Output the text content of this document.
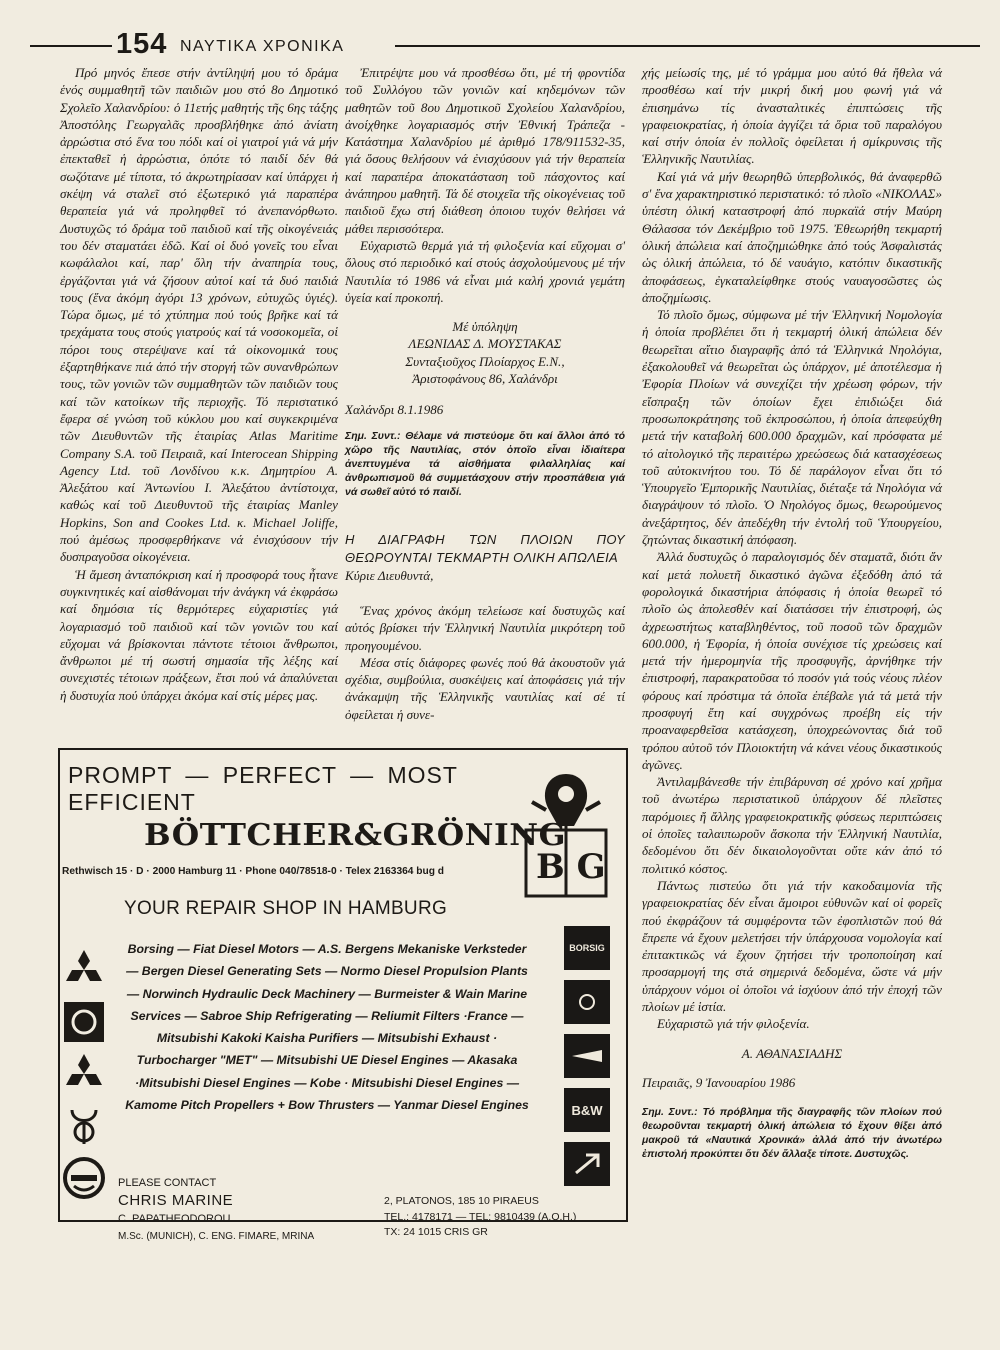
154 ΝΑΥΤΙΚΑ ΧΡΟΝΙΚΑ

Πρό μηνός ἔπεσε στήν ἀντίληψή μου τό δράμα ἑνός συμμαθητῆ τῶν παιδιῶν μου στό 8ο Δημοτικό Σχολεῖο Χαλανδρίου: ὁ 11ετής μαθητής τῆς 6ης τάξης Ἀποστόλης Γεωργαλᾶς προσβλήθηκε ἀπό ἀνίατη ἀρρώστια στό ἕνα του πόδι καί οἱ γιατροί γιά νά μήν ἐπεκταθεῖ ἡ ἀρρώστια, ὁπότε τό παιδί δέν θά σωζότανε μέ τίποτα, τό ἀκρωτηρίασαν καί ὑπάρχει ἡ σκέψη νά σταλεῖ στό ἐξωτερικό γιά παραπέρα θεραπεία γιά νά προληφθεῖ τό ἀνεπανόρθωτο. Δυστυχῶς τό δράμα τοῦ παιδιοῦ καί τῆς οἰκογένειάς του δέν σταματάει ἐδῶ. Καί οἱ δυό γονεῖς του εἶναι κωφάλαλοι καί, παρ' ὅλη τήν ἀναπηρία τους, ἐργάζονται γιά νά ζήσουν αὐτοί καί τά δυό παιδιά τους (ἕνα ἀκόμη ἀγόρι 13 χρόνων, εὐτυχῶς ὑγιές). Τώρα ὅμως, μέ τό χτύπημα πού τούς βρῆκε καί τά τρεχάματα τους στούς γιατρούς καί τά νοσοκομεῖα, οἱ πόροι τους στερέψανε καί τά οἰκονομικά τους ἐξαρτηθήκανε πιά ἀπό τήν στοργή τῶν συνανθρώπων τους, τῶν γονιῶν τῶν συμμαθητῶν τῶν παιδιῶν τους καί τῶν κατοίκων τῆς περιοχῆς. Τό περιστατικό ἔφερα σέ γνώση τοῦ κύκλου μου καί συγκεκριμένα τῶν Διευθυντῶν τῆς ἑταιρίας Atlas Maritime Company S.A. τοῦ Πειραιᾶ, καί Interocean Shipping Agency Ltd. τοῦ Λονδίνου κ.κ. Δημητρίου Α. Ἀλεξάτου καί Ἀντωνίου Ι. Ἀλεξάτου ἀντίστοιχα, καθώς καί τοῦ Διευθυντοῦ τῆς ἑταιρίας Manley Hopkins, Son and Cookes Ltd. κ. Michael Joliffe, πού ἀμέσως προσφερθήκανε νά ἐνισχύσουν τήν δυσπραγοῦσα οἰκογένεια.

Ἡ ἄμεση ἀνταπόκριση καί ἡ προσφορά τους ἦτανε συγκινητικές καί αἰσθάνομαι τήν ἀνάγκη νά ἐκφράσω καί δημόσια τίς θερμότερες εὐχαριστίες γιά λογαριασμό τοῦ παιδιοῦ καί τῶν γονιῶν του καί εὔχομαι νά βρίσκονται πάντοτε τέτοιοι ἄνθρωποι, ἄνθρωποι μέ τή σωστή σημασία τῆς λέξης καί συνεχιστές τέτοιων πράξεων, ἔτσι πού νά ἀπαλύνεται ἡ δυστυχία πού ὑπάρχει ἀκόμα καί στίς μέρες μας.

Ἐπιτρέψτε μου νά προσθέσω ὅτι, μέ τή φροντίδα τοῦ Συλλόγου τῶν γονιῶν καί κηδεμόνων τῶν μαθητῶν τοῦ 8ου Δημοτικοῦ Σχολείου Χαλανδρίου, ἀνοίχθηκε λογαριασμός στήν Ἐθνική Τράπεζα - Κατάστημα Χαλανδρίου μέ ἀριθμό 178/911532-35, γιά ὅσους θελήσουν νά ἐνισχύσουν γιά τήν θεραπεία καί παραπέρα ἀποκατάσταση τοῦ πάσχοντος καί ἀνάπηρου μαθητῆ. Τά δέ στοιχεῖα τῆς οἰκογένειας τοῦ παιδιοῦ ἔχω στή διάθεση ὁποιου τυχόν θελήσει νά μάθει περισσότερα.

Εὐχαριστῶ θερμά γιά τή φιλοξενία καί εὔχομαι σ' ὅλους στό περιοδικό καί στούς ἀσχολούμενους μέ τήν Ναυτιλία τό 1986 νά εἶναι μιά καλή χρονιά γεμάτη ὑγεία καί προκοπή.

Μέ ὑπόληψη

ΛΕΩΝΙΔΑΣ Δ. ΜΟΥΣΤΑΚΑΣ

Συνταξιοῦχος Πλοίαρχος Ε.Ν.,

Ἀριστοφάνους 86, Χαλάνδρι

Χαλάνδρι 8.1.1986

Σημ. Συντ.: Θέλαμε νά πιστεύομε ὅτι καί ἄλλοι ἀπό τό χῶρο τῆς Ναυτιλίας, στόν ὁποῖο εἶναι ἰδιαίτερα ἀνεπτυγμένα τά αἰσθήματα φιλαλληλίας καί ἀνθρωπισμοῦ θά συμμετάσχουν στήν προσπάθεια γιά νά σωθεῖ αὐτό τό παιδί.

Η ΔΙΑΓΡΑΦΗ ΤΩΝ ΠΛΟΙΩΝ ΠΟΥ ΘΕΩΡΟΥΝΤΑΙ ΤΕΚΜΑΡΤΗ ΟΛΙΚΗ ΑΠΩΛΕΙΑ

Κύριε Διευθυντά,

Ἕνας χρόνος ἀκόμη τελείωσε καί δυστυχῶς καί αὐτός βρίσκει τήν Ἑλληνική Ναυτιλία μικρότερη τοῦ προηγουμένου.

Μέσα στίς διάφορες φωνές πού θά ἀκουστοῦν γιά σχέδια, συμβούλια, συσκέψεις καί ἀποφάσεις γιά τήν ἀνάκαμψη τῆς Ἑλληνικῆς ναυτιλίας καί σέ τί ὀφείλεται ἡ συνε-

χής μείωσίς της, μέ τό γράμμα μου αὐτό θά ἤθελα νά προσθέσω καί τήν μικρή δική μου φωνή γιά νά ἐπισημάνω τίς ἀνασταλτικές ἐπιπτώσεις τῆς γραφειοκρατίας, ἡ ὁποία ἀγγίζει τά ὅρια τοῦ παραλόγου καί στήν ὁποία ἐν πολλοῖς ὀφείλεται ἡ σμίκρυνσις τῆς Ἑλληνικῆς Ναυτιλίας.

Καί γιά νά μήν θεωρηθῶ ὑπερβολικός, θά ἀναφερθῶ σ' ἕνα χαρακτηριστικό περιστατικό: τό πλοῖο «ΝΙΚΟΛΑΣ» ὑπέστη ὁλική καταστροφή ἀπό πυρκαϊά στήν Μαύρη Θάλασσα τόν Δεκέμβριο τοῦ 1975. Ἐθεωρήθη τεκμαρτή ὁλική ἀπώλεια καί ἀποζημιώθηκε ἀπό τούς Ἀσφαλιστάς ὡς ὁλική ἀπώλεια, τό δέ ναυάγιο, κατόπιν δικαστικῆς ἀποφάσεως, ἐγκαταλείφθηκε στούς ναυαγοσῶστες ὡς ἀποζημίωσις.

Τό πλοῖο ὅμως, σύμφωνα μέ τήν Ἑλληνική Νομολογία ἡ ὁποία προβλέπει ὅτι ἡ τεκμαρτή ὁλική ἀπώλεια δέν θεωρεῖται αἴτιο διαγραφῆς ἀπό τά Ἑλληνικά Νηολόγια, ἐξακολουθεῖ νά θεωρεῖται ὡς ὑπάρχον, μέ ἀποτέλεσμα ἡ Ἐφορία Πλοίων νά συνεχίζει τήν χρέωση φόρων, τήν εἴσπραξη τῶν ὁποίων ἔχει ἐπιδιώξει διά προσωποκράτησης τοῦ ἐκπροσώπου, ἡ ὁποία ἀπεφεύχθη μετά τήν καταβολή 600.000 δραχμῶν, καί πρόσφατα μέ τό αἰτολογικό τῆς περαιτέρω χρεώσεως διά κατασχέσεως τοῦ αὐτοκινήτου του. Τό δέ παράλογον εἶναι ὅτι τό Ὑπουργεῖο Ἐμπορικῆς Ναυτιλίας, διέταξε τά Νηολόγια νά διαγράψουν τό πλοῖο. Ὁ Νηολόγος ὅμως, θεωρούμενος ἀνεξάρτητος, δέν ἀπεδέχθη τήν ἐντολή τοῦ Ὑπουργείου, ζητώντας δικαστική ἀπόφαση.

Ἀλλά δυστυχῶς ὁ παραλογισμός δέν σταματᾶ, διότι ἄν καί μετά πολυετῆ δικαστικό ἀγῶνα ἐξεδόθη ἀπό τά φορολογικά δικαστήρια ἀπόφασις ἡ ὁποία θεωρεῖ τό πλοῖο ὡς ἀπολεσθέν καί διατάσσει τήν ἐπιστροφή, ὡς ἀχρεωστήτως καταβληθέντος, τοῦ ποσοῦ τῶν δραχμῶν 600.000, ἡ Ἐφορία, ἡ ὁποία συνέχισε τίς χρεώσεις καί μετά τήν ἡμερομηνία τῆς προσφυγῆς, ἀρνήθηκε τήν ἐπιστροφή, παρακρατοῦσα τό ποσόν γιά τούς νέους πλέον φόρους καί πρόστιμα τά ὁποῖα ἐπέβαλε γιά τά μετά τήν προσφυγή ἔτη καί συγχρόνως προέβη εἰς τήν προαναφερθεῖσα κατάσχεση, ὑποχρεώνοντας διά τοῦ τρόπου αὐτοῦ τόν Πλοιοκτήτη νά κάνει νέους δικαστικούς ἀγῶνες.

Ἀντιλαμβάνεσθε τήν ἐπιβάρυνση σέ χρόνο καί χρῆμα τοῦ ἀνωτέρω περιστατικοῦ ὑπάρχουν δέ πλεῖστες παρόμοιες ἤ ἄλλης γραφειοκρατικῆς φύσεως περιπτώσεις οἱ ὁποῖες ταλαιπωροῦν ἄσκοπα τήν Ἑλληνική Ναυτιλία, δεδομένου ὅτι δέν δικαιολογοῦνται οὔτε κάν ἀπό τό πολιτικό κόστος.

Πάντως πιστεύω ὅτι γιά τήν κακοδαιμονία τῆς γραφειοκρατίας δέν εἶναι ἄμοιροι εὐθυνῶν καί οἱ φορεῖς πού ἐκφράζουν τά συμφέροντα τῶν ἐφοπλιστῶν πού θά ἔπρεπε νά ἔχουν μελετήσει τήν ὑπάρχουσα νομολογία καί ἐπιτακτικῶς νά ἔχουν ζητήσει τήν τροποποίηση καί προσαρμογή της στά σημερινά δεδομένα, ὥστε νά μήν ὑπάρχουν νόμοι οἱ ὁποῖοι νά ἰσχύουν ἀπό τήν ἐποχή τῶν πλοίων μέ ἱστία.

Εὐχαριστῶ γιά τήν φιλοξενία.

Α. ΑΘΑΝΑΣΙΑΔΗΣ

Πειραιᾶς, 9 Ἰανουαρίου 1986

Σημ. Συντ.: Τό πρόβλημα τῆς διαγραφῆς τῶν πλοίων πού θεωροῦνται τεκμαρτή ὁλική ἀπώλεια τό ἔχουν θίξει ἀπό μακροῦ τά «Ναυτικά Χρονικά» ἀλλά ἀπό τήν ἀνωτέρω ἐπιστολή προκύπτει ὅτι δέν ἄλλαξε τίποτε. Δυστυχῶς.

PROMPT — PERFECT — MOST EFFICIENT
B G
BÖTTCHER&GRÖNING
Rethwisch 15 · D · 2000 Hamburg 11 · Phone 040/78518-0 · Telex 2163364 bug d
YOUR REPAIR SHOP IN HAMBURG
Borsing — Fiat Diesel Motors — A.S. Bergens Mekaniske Verksteder — Bergen Diesel Generating Sets — Normo Diesel Propulsion Plants — Norwinch Hydraulic Deck Machinery — Burmeister & Wain Marine Services — Sabroe Ship Refrigerating — Reliumit Filters ·France — Mitsubishi Kakoki Kaisha Purifiers — Mitsubishi Exhaust · Turbocharger "MET" — Mitsubishi UE Diesel Engines — Akasaka ·Mitsubishi Diesel Engines — Kobe · Mitsubishi Diesel Engines — Kamome Pitch Propellers + Bow Thrusters — Yanmar Diesel Engines
BORSIG
B&W
PLEASE CONTACT
CHRIS MARINE
C. PAPATHEODOROU
M.Sc. (MUNICH), C. ENG. FIMARE, MRINA
2, PLATONOS, 185 10 PIRAEUS
TEL.: 4178171 — TEL: 9810439 (A.O.H.)
TX: 24 1015 CRIS GR
